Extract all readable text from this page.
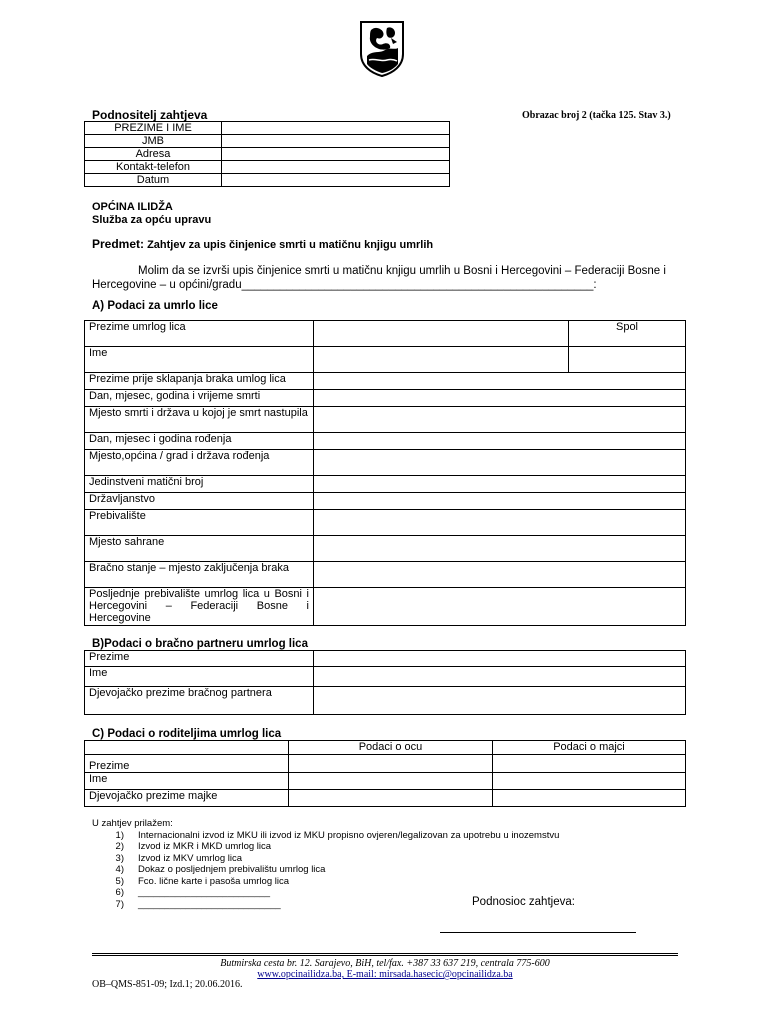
Podnositelj zahtjeva	Obrazac broj 2 (tačka 125. Stav 3.)
PREZIME I IME	
JMB	
Adresa	
Kontakt-telefon	
Datum	
OPĆINA ILIDŽA
Služba za opću upravu
Predmet: Zahtjev za upis činjenice smrti u matičnu knjigu umrlih
Molim da se izvrši upis činjenice smrti u matičnu knjigu umrlih u Bosni i Hercegovini – Federaciji Bosne i Hercegovine – u općini/gradu_______________________________________________________:
A) Podaci za umrlo lice
Prezime umrlog lica		Spol
Ime		
Prezime prije sklapanja braka umlog lica		
Dan, mjesec, godina i vrijeme smrti		
Mjesto smrti i država u kojoj je smrt nastupila		
Dan, mjesec i godina rođenja		
Mjesto,općina / grad i država rođenja		
Jedinstveni matični broj		
Državljanstvo		
Prebivalište		
Mjesto sahrane		
Bračno stanje – mjesto zaključenja braka		
Posljednje prebivalište umrlog lica u Bosni i Hercegovini – Federaciji Bosne i Hercegovine		
B)Podaci o bračno partneru umrlog lica
Prezime	
Ime	
Djevojačko prezime bračnog partnera	
C) Podaci o roditeljima umrlog lica
	Podaci o ocu	Podaci o majci
Prezime		
Ime		
Djevojačko prezime majke		
U zahtjev prilažem:
1)	Internacionalni izvod iz MKU ili izvod iz MKU propisno ovjeren/legalizovan za upotrebu u inozemstvu
2)	Izvod iz MKR i MKD umrlog lica
3)	Izvod iz MKV umrlog lica
4)	Dokaz o posljednjem prebivalištu umrlog lica
5)	Fco. lične karte i pasoša umrlog lica
6)	_________________________
7)	___________________________	Podnosioc zahtjeva:
Butmirska cesta br. 12. Sarajevo, BiH, tel/fax. +387 33 637 219, centrala 775-600
www.opcinailidza.ba, E-mail: mirsada.hasecic@opcinailidza.ba
OB–QMS-851-09; Izd.1; 20.06.2016.
